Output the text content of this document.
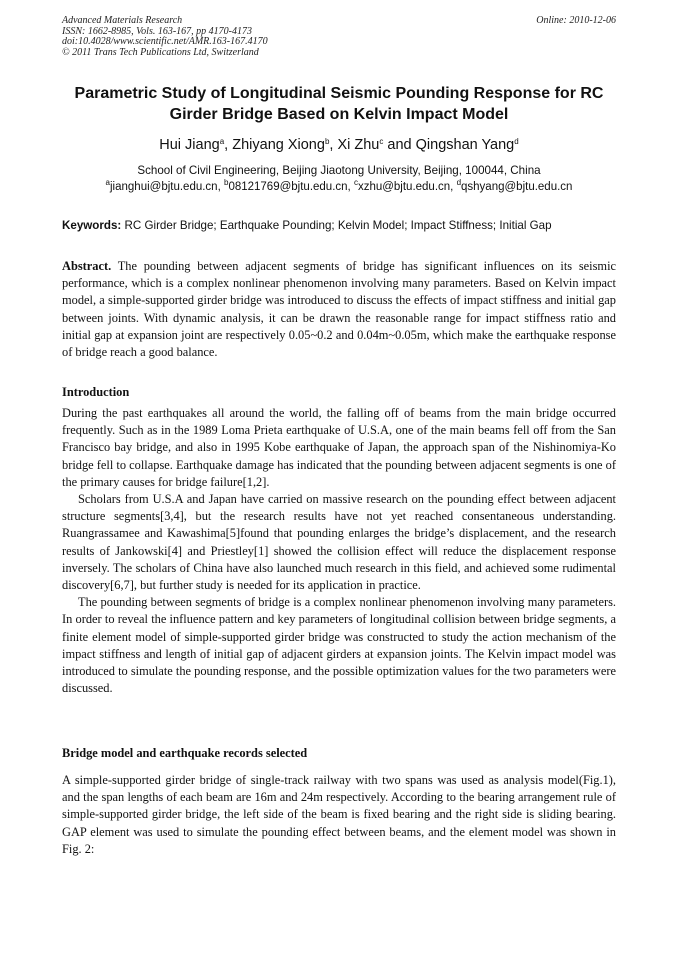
Advanced Materials Research
ISSN: 1662-8985, Vols. 163-167, pp 4170-4173
doi:10.4028/www.scientific.net/AMR.163-167.4170
© 2011 Trans Tech Publications Ltd, Switzerland
Online: 2010-12-06
Parametric Study of Longitudinal Seismic Pounding Response for RC Girder Bridge Based on Kelvin Impact Model
Hui Jiang$^a$, Zhiyang Xiong$^b$, Xi Zhu$^c$ and Qingshan Yang$^d$
School of Civil Engineering, Beijing Jiaotong University, Beijing, 100044, China
$^a$jianghui@bjtu.edu.cn, $^b$08121769@bjtu.edu.cn, $^c$xzhu@bjtu.edu.cn, $^d$qshyang@bjtu.edu.cn
Keywords: RC Girder Bridge; Earthquake Pounding; Kelvin Model; Impact Stiffness; Initial Gap

Abstract. The pounding between adjacent segments of bridge has significant influences on its seismic performance, which is a complex nonlinear phenomenon involving many parameters. Based on Kelvin impact model, a simple-supported girder bridge was introduced to discuss the effects of impact stiffness and initial gap between joints. With dynamic analysis, it can be drawn the reasonable range for impact stiffness ratio and initial gap at expansion joint are respectively 0.05~0.2 and 0.04m~0.05m, which make the earthquake response of bridge reach a good balance.

Introduction

During the past earthquakes all around the world, the falling off of beams from the main bridge occurred frequently. Such as in the 1989 Loma Prieta earthquake of U.S.A, one of the main beams fell off from the San Francisco bay bridge, and also in 1995 Kobe earthquake of Japan, the approach span of the Nishinomiya-Ko bridge fell to collapse. Earthquake damage has indicated that the pounding between adjacent segments is one of the primary causes for bridge failure[1,2].

Scholars from U.S.A and Japan have carried on massive research on the pounding effect between adjacent structure segments[3,4], but the research results have not yet reached consentaneous understanding. Ruangrassamee and Kawashima[5]found that pounding enlarges the bridge’s displacement, and the research results of Jankowski[4] and Priestley[1] showed the collision effect will reduce the displacement response inversely. The scholars of China have also launched much research in this field, and achieved some rudimental discovery[6,7], but further study is needed for its application in practice.

The pounding between segments of bridge is a complex nonlinear phenomenon involving many parameters. In order to reveal the influence pattern and key parameters of longitudinal collision between bridge segments, a finite element model of simple-supported girder bridge was constructed to study the action mechanism of the impact stiffness and length of initial gap of adjacent girders at expansion joints. The Kelvin impact model was introduced to simulate the pounding response, and the possible optimization values for the two parameters were discussed.

Bridge model and earthquake records selected

A simple-supported girder bridge of single-track railway with two spans was used as analysis model(Fig.1), and the span lengths of each beam are 16m and 24m respectively. According to the bearing arrangement rule of simple-supported girder bridge, the left side of the beam is fixed bearing and the right side is sliding bearing. GAP element was used to simulate the pounding effect between beams, and the element model was shown in Fig. 2:
